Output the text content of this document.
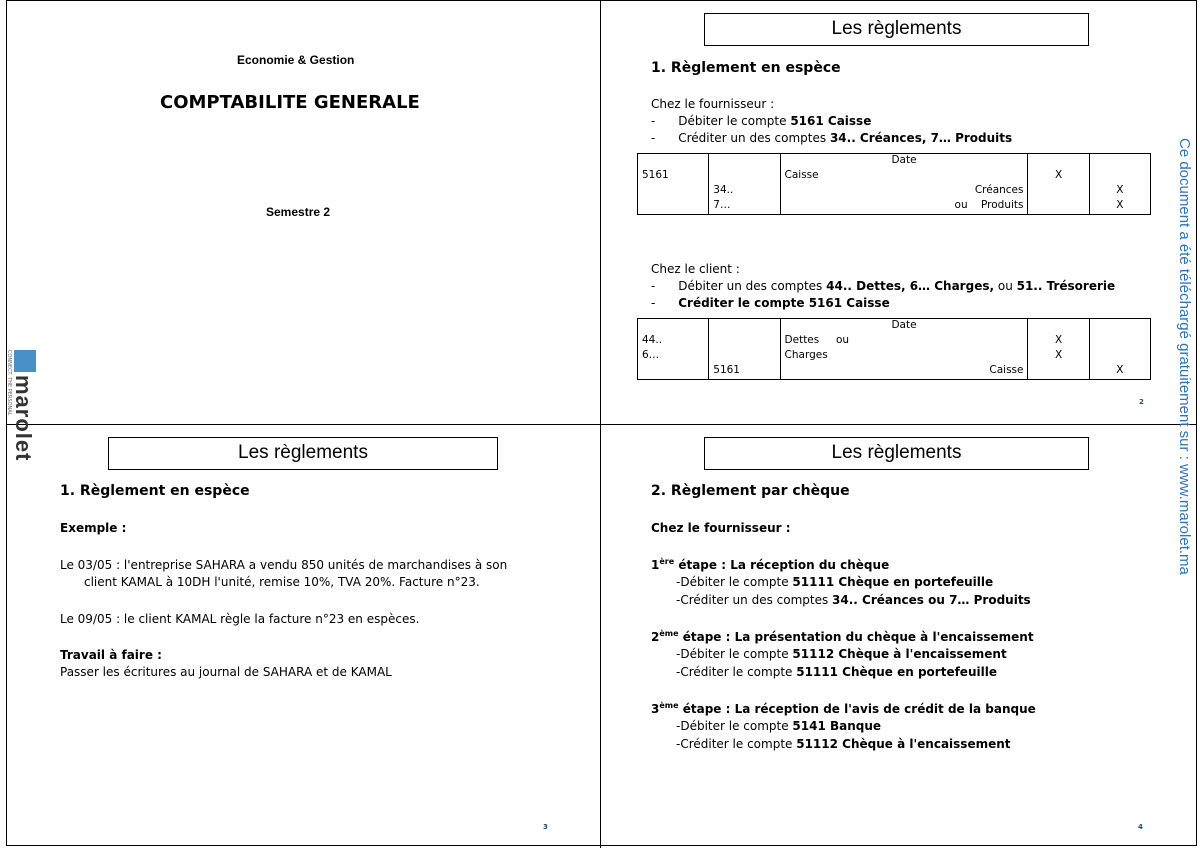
Economie & Gestion
COMPTABILITE GENERALE
Semestre 2
Les règlements
1. Règlement en espèce
Chez le fournisseur :
-      Débiter le compte 5161 Caisse
-      Créditer un des comptes 34.. Créances, 7… Produits
		Date		
5161		Caisse	X	
	34..	Créances		X
	7…	ou Produits		X
Chez le client :
-      Débiter un des comptes 44.. Dettes, 6… Charges, ou 51.. Trésorerie
-      Créditer le compte 5161 Caisse
		Date		
44..		Dettes ou	X	
6…		Charges	X	
	5161	Caisse		X
2
Les règlements
1. Règlement en espèce
Exemple :
Le 03/05 : l'entreprise SAHARA a vendu 850 unités de marchandises à son
client KAMAL à 10DH l'unité, remise 10%, TVA 20%. Facture n°23.
Le 09/05 : le client KAMAL règle la facture n°23 en espèces.
Travail à faire :
Passer les écritures au journal de SAHARA et de KAMAL
3
Les règlements
2. Règlement par chèque
Chez le fournisseur :
1ère étape : La réception du chèque
-Débiter le compte 51111 Chèque en portefeuille
-Créditer un des comptes 34.. Créances ou 7… Produits
2ème étape : La présentation du chèque à l'encaissement
-Débiter le compte 51112 Chèque à l'encaissement
-Créditer le compte 51111 Chèque en portefeuille
3ème étape : La réception de l'avis de crédit de la banque
-Débiter le compte 5141 Banque
-Créditer le compte 51112 Chèque à l'encaissement
4
Ce document a été téléchargé gratuitement sur : www.marolet.ma
CONNECT. THE PERSONAL marolet
